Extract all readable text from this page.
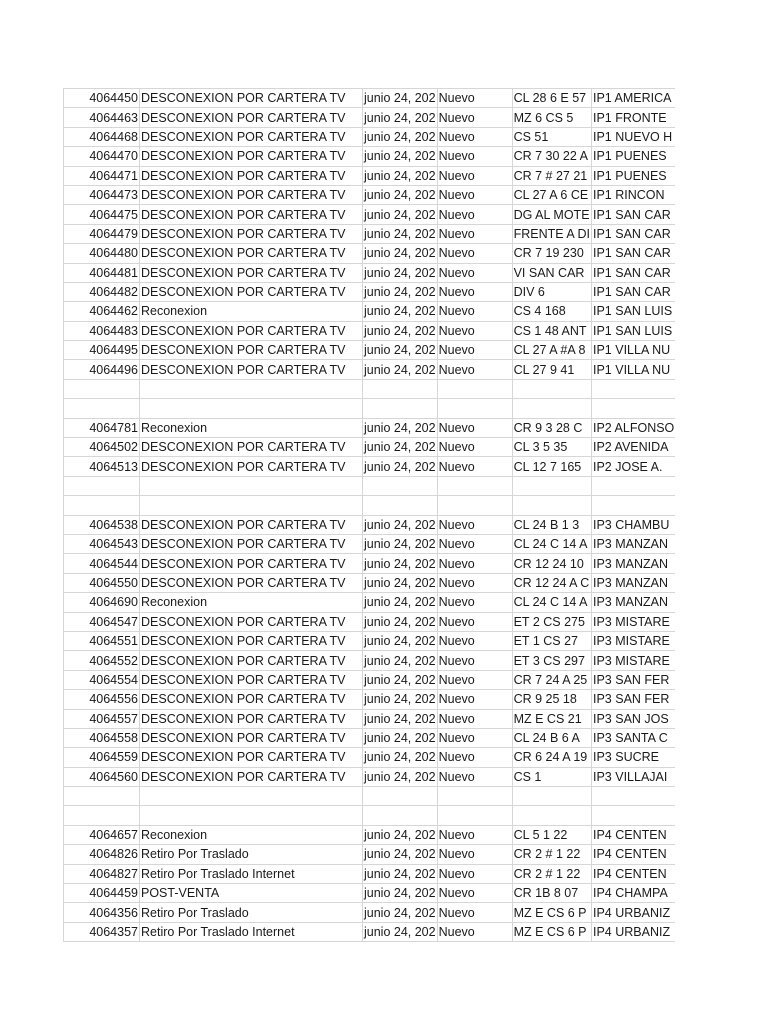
4064450	DESCONEXION POR CARTERA TV	junio 24, 202	Nuevo	CL 28 6 E 57	IP1 AMERICA
4064463	DESCONEXION POR CARTERA TV	junio 24, 202	Nuevo	MZ 6 CS 5	IP1 FRONTE
4064468	DESCONEXION POR CARTERA TV	junio 24, 202	Nuevo	CS 51	IP1 NUEVO H
4064470	DESCONEXION POR CARTERA TV	junio 24, 202	Nuevo	CR 7 30 22 A	IP1 PUENES
4064471	DESCONEXION POR CARTERA TV	junio 24, 202	Nuevo	CR 7 # 27 21	IP1 PUENES
4064473	DESCONEXION POR CARTERA TV	junio 24, 202	Nuevo	CL 27 A 6 CE	IP1 RINCON
4064475	DESCONEXION POR CARTERA TV	junio 24, 202	Nuevo	DG AL MOTE	IP1 SAN CAR
4064479	DESCONEXION POR CARTERA TV	junio 24, 202	Nuevo	FRENTE A DI	IP1 SAN CAR
4064480	DESCONEXION POR CARTERA TV	junio 24, 202	Nuevo	CR 7 19 230	IP1 SAN CAR
4064481	DESCONEXION POR CARTERA TV	junio 24, 202	Nuevo	VI SAN CAR	IP1 SAN CAR
4064482	DESCONEXION POR CARTERA TV	junio 24, 202	Nuevo	DIV 6	IP1 SAN CAR
4064462	Reconexion	junio 24, 202	Nuevo	CS 4 168	IP1 SAN LUIS
4064483	DESCONEXION POR CARTERA TV	junio 24, 202	Nuevo	CS 1 48 ANT	IP1 SAN LUIS
4064495	DESCONEXION POR CARTERA TV	junio 24, 202	Nuevo	CL 27 A #A 8	IP1 VILLA NU
4064496	DESCONEXION POR CARTERA TV	junio 24, 202	Nuevo	CL 27 9 41	IP1 VILLA NU

4064781	Reconexion	junio 24, 202	Nuevo	CR 9 3 28 C	IP2 ALFONSO
4064502	DESCONEXION POR CARTERA TV	junio 24, 202	Nuevo	CL 3 5 35	IP2 AVENIDA
4064513	DESCONEXION POR CARTERA TV	junio 24, 202	Nuevo	CL 12 7 165	IP2 JOSE A.

4064538	DESCONEXION POR CARTERA TV	junio 24, 202	Nuevo	CL 24 B 1 3	IP3 CHAMBU
4064543	DESCONEXION POR CARTERA TV	junio 24, 202	Nuevo	CL 24 C 14 A	IP3 MANZAN
4064544	DESCONEXION POR CARTERA TV	junio 24, 202	Nuevo	CR 12 24 10	IP3 MANZAN
4064550	DESCONEXION POR CARTERA TV	junio 24, 202	Nuevo	CR 12 24 A C	IP3 MANZAN
4064690	Reconexion	junio 24, 202	Nuevo	CL 24 C 14 A	IP3 MANZAN
4064547	DESCONEXION POR CARTERA TV	junio 24, 202	Nuevo	ET 2 CS 275	IP3 MISTARE
4064551	DESCONEXION POR CARTERA TV	junio 24, 202	Nuevo	ET 1 CS 27	IP3 MISTARE
4064552	DESCONEXION POR CARTERA TV	junio 24, 202	Nuevo	ET 3 CS 297	IP3 MISTARE
4064554	DESCONEXION POR CARTERA TV	junio 24, 202	Nuevo	CR 7 24 A 25	IP3 SAN FER
4064556	DESCONEXION POR CARTERA TV	junio 24, 202	Nuevo	CR 9 25 18	IP3 SAN FER
4064557	DESCONEXION POR CARTERA TV	junio 24, 202	Nuevo	MZ E CS 21	IP3 SAN JOS
4064558	DESCONEXION POR CARTERA TV	junio 24, 202	Nuevo	CL 24 B 6 A	IP3 SANTA C
4064559	DESCONEXION POR CARTERA TV	junio 24, 202	Nuevo	CR 6 24 A 19	IP3 SUCRE
4064560	DESCONEXION POR CARTERA TV	junio 24, 202	Nuevo	CS 1	IP3 VILLAJAI

4064657	Reconexion	junio 24, 202	Nuevo	CL 5 1 22	IP4 CENTEN
4064826	Retiro Por Traslado	junio 24, 202	Nuevo	CR 2 # 1 22	IP4 CENTEN
4064827	Retiro Por Traslado Internet	junio 24, 202	Nuevo	CR 2 # 1 22	IP4 CENTEN
4064459	POST-VENTA	junio 24, 202	Nuevo	CR 1B 8 07	IP4 CHAMPA
4064356	Retiro Por Traslado	junio 24, 202	Nuevo	MZ E CS 6 P	IP4 URBANIZ
4064357	Retiro Por Traslado Internet	junio 24, 202	Nuevo	MZ E CS 6 P	IP4 URBANIZ
